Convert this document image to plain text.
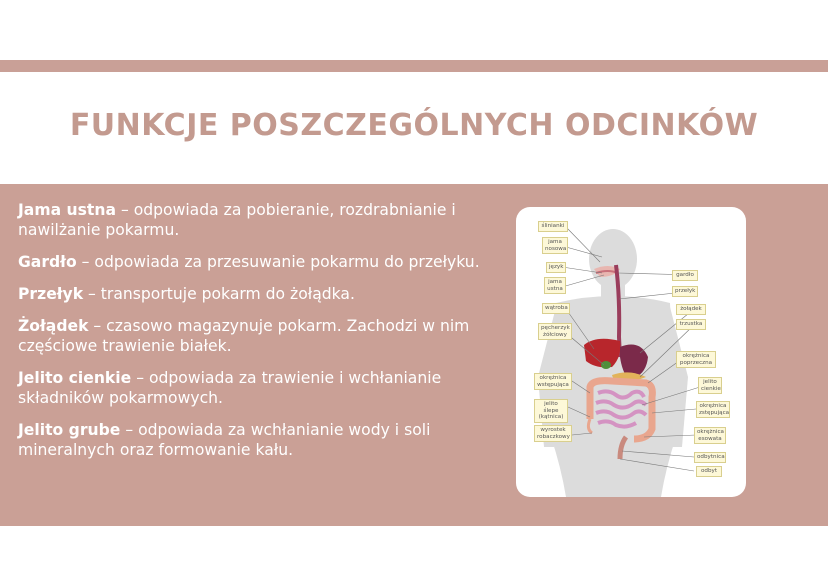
FUNKCJE POSZCZEGÓLNYCH ODCINKÓW

Jama ustna – odpowiada za pobieranie, rozdrabnianie i nawilżanie pokarmu.

Gardło – odpowiada za przesuwanie pokarmu do przełyku.

Przełyk – transportuje pokarm do żołądka.

Żołądek – czasowo magazynuje pokarm. Zachodzi w nim częściowe trawienie białek.

Jelito cienkie – odpowiada za trawienie i wchłanianie składników pokarmowych.

Jelito grube – odpowiada za wchłanianie wody i soli mineralnych oraz formowanie kału.

ślinianki
jama nosowa
język
jama ustna
wątroba
pęcherzyk żółciowy
okrężnica wstępująca
jelito ślepe (kątnica)
wyrostek robaczkowy
gardło
przełyk
żołądek
trzustka
okrężnica poprzeczna
jelito cienkie
okrężnica zstępująca
okrężnica esowata
odbytnica
odbyt
